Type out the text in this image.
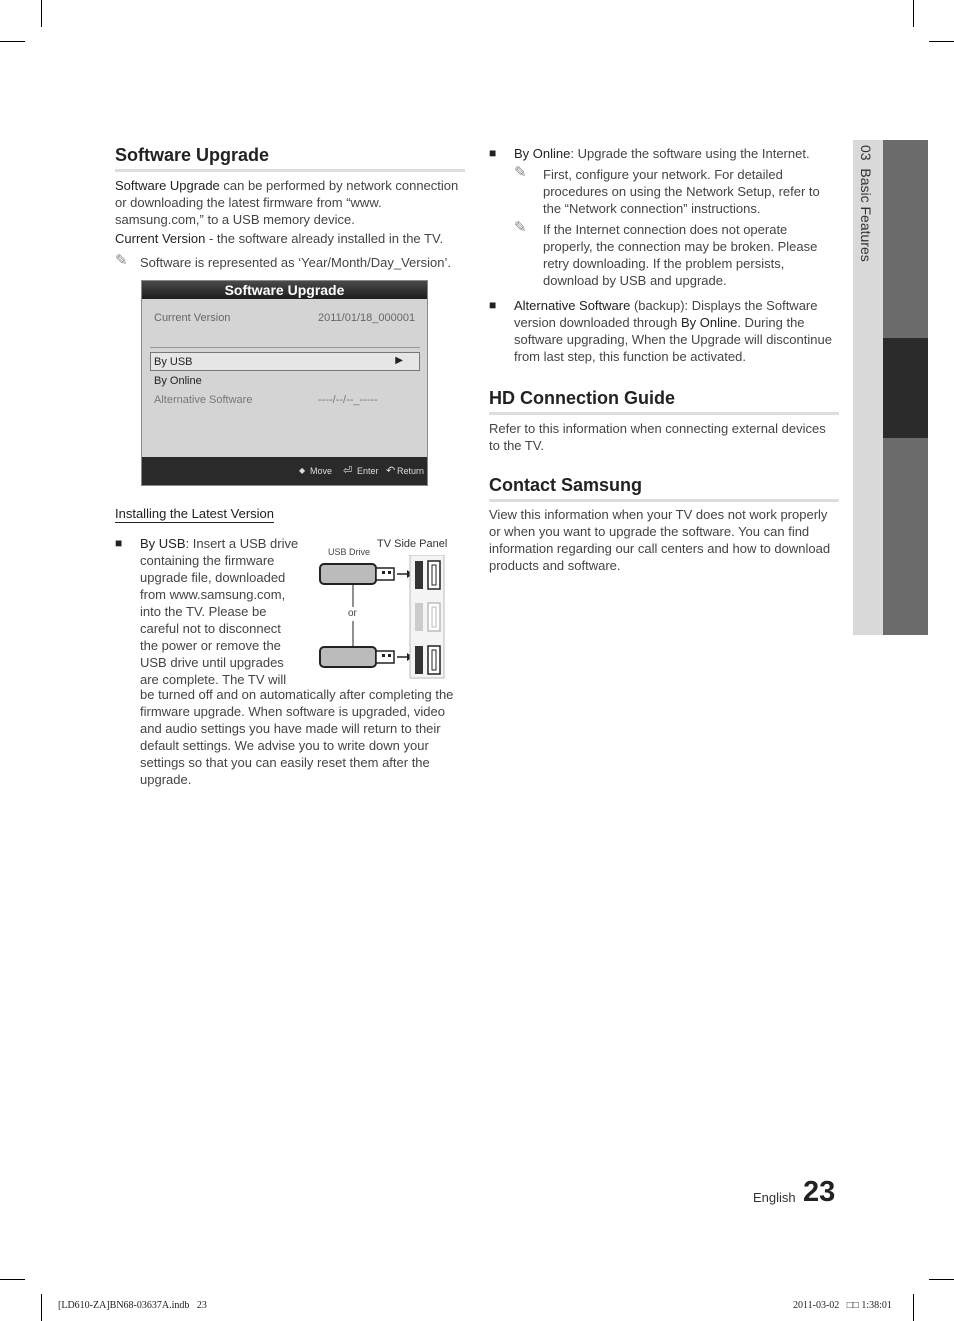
Software Upgrade

Software Upgrade can be performed by network connection or downloading the latest firmware from “www. samsung.com,” to a USB memory device.

Current Version - the software already installed in the TV.

✎ Software is represented as ‘Year/Month/Day_Version’.

Software Upgrade
Current Version	2011/01/18_000001
By USB	▶
By Online
Alternative Software	----/--/--_-----
◆ Move ⏎ Enter ↶ Return
Installing the Latest Version
■ By USB: Insert a USB drive

containing the firmware

upgrade file, downloaded

from www.samsung.com,

into the TV. Please be

careful not to disconnect

the power or remove the

USB drive until upgrades

are complete. The TV will

be turned off and on automatically after completing the firmware upgrade. When software is upgraded, video and audio settings you have made will return to their default settings. We advise you to write down your settings so that you can easily reset them after the upgrade.

USB Drive
TV Side Panel
or
■ By Online: Upgrade the software using the Internet.

✎ First, configure your network. For detailed procedures on using the Network Setup, refer to the “Network connection” instructions.

✎ If the Internet connection does not operate properly, the connection may be broken. Please retry downloading. If the problem persists, download by USB and upgrade.

■ Alternative Software (backup): Displays the Software version downloaded through By Online. During the software upgrading, When the Upgrade will discontinue from last step, this function be activated.

HD Connection Guide

Refer to this information when connecting external devices to the TV.

Contact Samsung

View this information when your TV does not work properly or when you want to upgrade the software. You can find information regarding our call centers and how to download products and software.

03  Basic Features
English 23
[LD610-ZA]BN68-03637A.indb   23	2011-03-02   □□ 1:38:01
